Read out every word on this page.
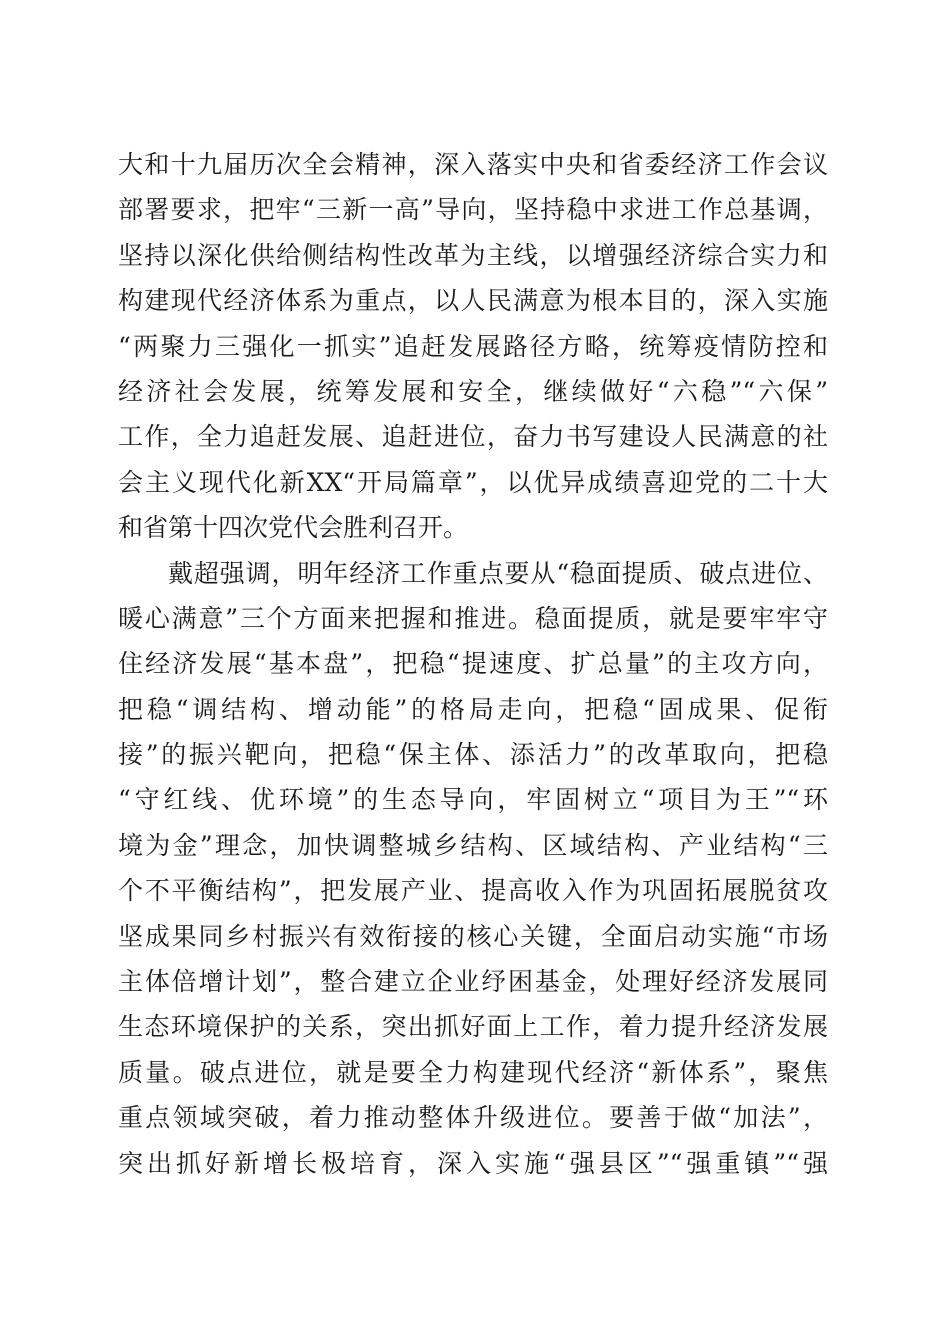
大和十九届历次全会精神，深入落实中央和省委经济工作会议
部署要求，把牢“三新一高”导向，坚持稳中求进工作总基调，
坚持以深化供给侧结构性改革为主线，以增强经济综合实力和
构建现代经济体系为重点，以人民满意为根本目的，深入实施
“两聚力三强化一抓实”追赶发展路径方略，统筹疫情防控和
经济社会发展，统筹发展和安全，继续做好“六稳”“六保”
工作，全力追赶发展、追赶进位，奋力书写建设人民满意的社
会主义现代化新XX“开局篇章”，以优异成绩喜迎党的二十大
和省第十四次党代会胜利召开。
戴超强调，明年经济工作重点要从“稳面提质、破点进位、
暖心满意”三个方面来把握和推进。稳面提质，就是要牢牢守
住经济发展“基本盘”，把稳“提速度、扩总量”的主攻方向，
把稳“调结构、增动能”的格局走向，把稳“固成果、促衔
接”的振兴靶向，把稳“保主体、添活力”的改革取向，把稳
“守红线、优环境”的生态导向，牢固树立“项目为王”“环
境为金”理念，加快调整城乡结构、区域结构、产业结构“三
个不平衡结构”，把发展产业、提高收入作为巩固拓展脱贫攻
坚成果同乡村振兴有效衔接的核心关键，全面启动实施“市场
主体倍增计划”，整合建立企业纾困基金，处理好经济发展同
生态环境保护的关系，突出抓好面上工作，着力提升经济发展
质量。破点进位，就是要全力构建现代经济“新体系”，聚焦
重点领域突破，着力推动整体升级进位。要善于做“加法”，
突出抓好新增长极培育，深入实施“强县区”“强重镇”“强
